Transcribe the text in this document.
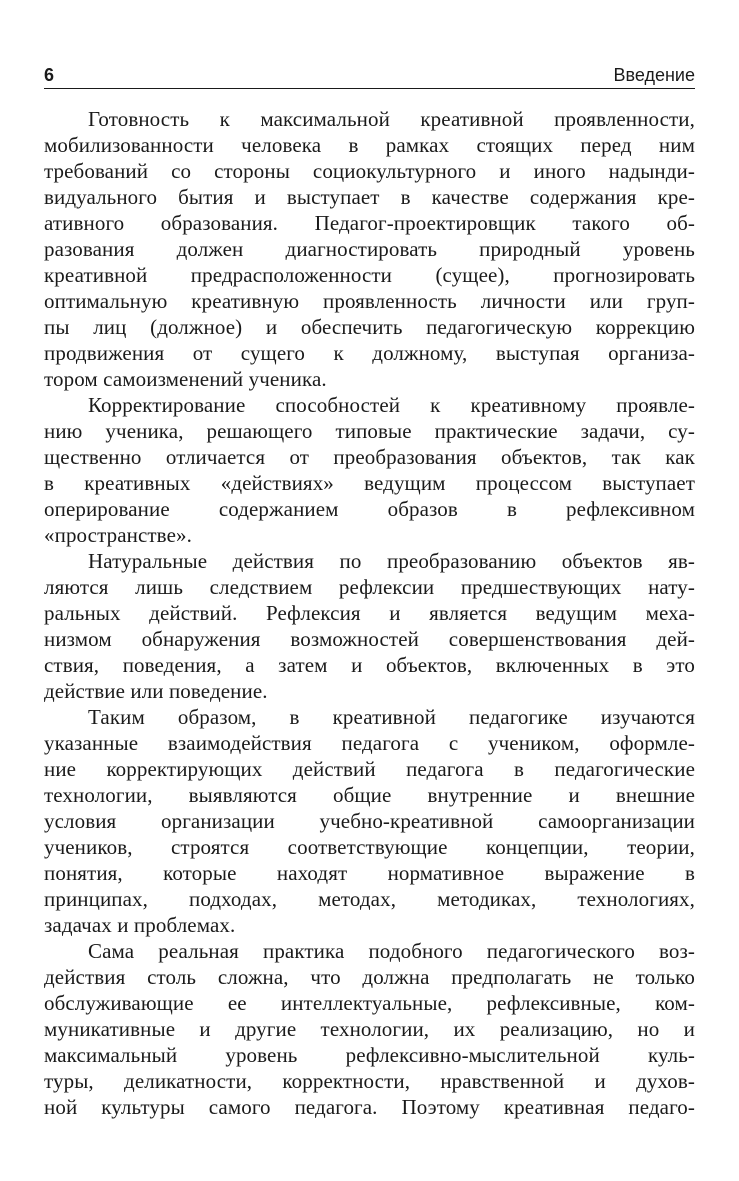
6	Введение
Готовность к максимальной креативной проявленности,
мобилизованности человека в рамках стоящих перед ним
требований со стороны социокультурного и иного надынди-
видуального бытия и выступает в качестве содержания кре-
ативного образования. Педагог-проектировщик такого об-
разования должен диагностировать природный уровень
креативной предрасположенности (сущее), прогнозировать
оптимальную креативную проявленность личности или груп-
пы лиц (должное) и обеспечить педагогическую коррекцию
продвижения от сущего к должному, выступая организа-
тором самоизменений ученика.
Корректирование способностей к креативному проявле-
нию ученика, решающего типовые практические задачи, су-
щественно отличается от преобразования объектов, так как
в креативных «действиях» ведущим процессом выступает
оперирование содержанием образов в рефлексивном
«пространстве».
Натуральные действия по преобразованию объектов яв-
ляются лишь следствием рефлексии предшествующих нату-
ральных действий. Рефлексия и является ведущим меха-
низмом обнаружения возможностей совершенствования дей-
ствия, поведения, а затем и объектов, включенных в это
действие или поведение.
Таким образом, в креативной педагогике изучаются
указанные взаимодействия педагога с учеником, оформле-
ние корректирующих действий педагога в педагогические
технологии, выявляются общие внутренние и внешние
условия организации учебно-креативной самоорганизации
учеников, строятся соответствующие концепции, теории,
понятия, которые находят нормативное выражение в
принципах, подходах, методах, методиках, технологиях,
задачах и проблемах.
Сама реальная практика подобного педагогического воз-
действия столь сложна, что должна предполагать не только
обслуживающие ее интеллектуальные, рефлексивные, ком-
муникативные и другие технологии, их реализацию, но и
максимальный уровень рефлексивно-мыслительной куль-
туры, деликатности, корректности, нравственной и духов-
ной культуры самого педагога. Поэтому креативная педаго-
